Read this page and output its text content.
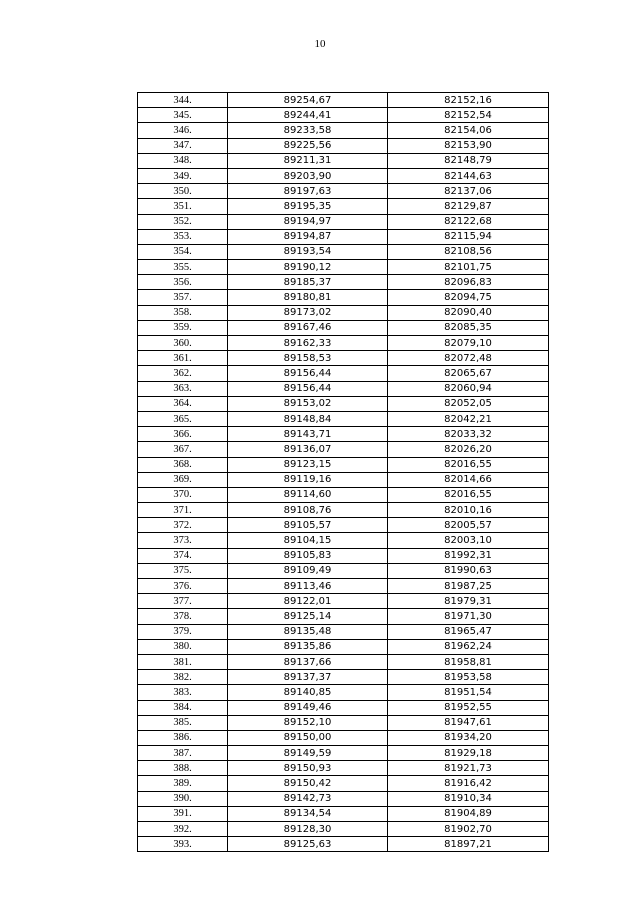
10
344.	89254,67	82152,16
345.	89244,41	82152,54
346.	89233,58	82154,06
347.	89225,56	82153,90
348.	89211,31	82148,79
349.	89203,90	82144,63
350.	89197,63	82137,06
351.	89195,35	82129,87
352.	89194,97	82122,68
353.	89194,87	82115,94
354.	89193,54	82108,56
355.	89190,12	82101,75
356.	89185,37	82096,83
357.	89180,81	82094,75
358.	89173,02	82090,40
359.	89167,46	82085,35
360.	89162,33	82079,10
361.	89158,53	82072,48
362.	89156,44	82065,67
363.	89156,44	82060,94
364.	89153,02	82052,05
365.	89148,84	82042,21
366.	89143,71	82033,32
367.	89136,07	82026,20
368.	89123,15	82016,55
369.	89119,16	82014,66
370.	89114,60	82016,55
371.	89108,76	82010,16
372.	89105,57	82005,57
373.	89104,15	82003,10
374.	89105,83	81992,31
375.	89109,49	81990,63
376.	89113,46	81987,25
377.	89122,01	81979,31
378.	89125,14	81971,30
379.	89135,48	81965,47
380.	89135,86	81962,24
381.	89137,66	81958,81
382.	89137,37	81953,58
383.	89140,85	81951,54
384.	89149,46	81952,55
385.	89152,10	81947,61
386.	89150,00	81934,20
387.	89149,59	81929,18
388.	89150,93	81921,73
389.	89150,42	81916,42
390.	89142,73	81910,34
391.	89134,54	81904,89
392.	89128,30	81902,70
393.	89125,63	81897,21
